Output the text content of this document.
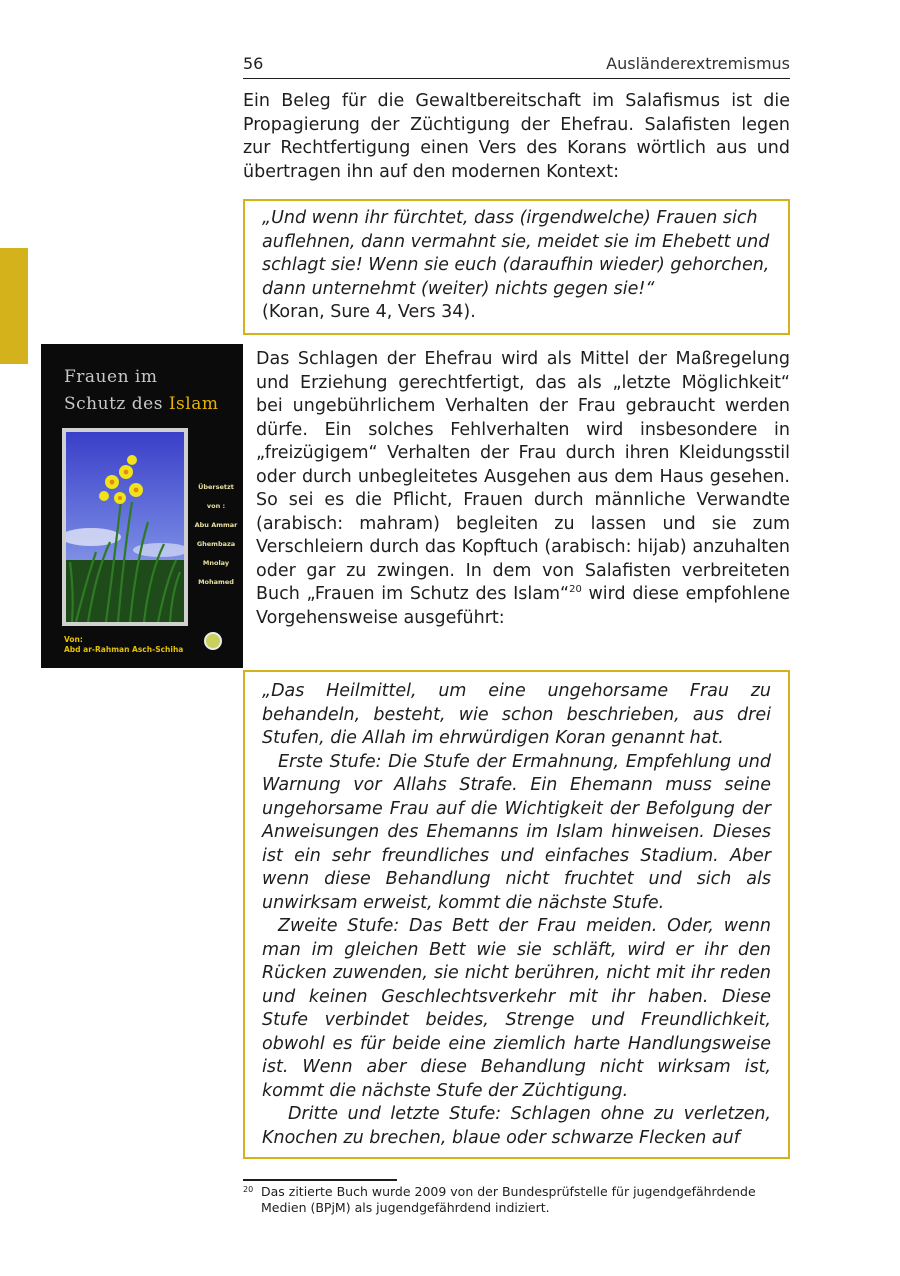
56	Ausländerextremismus

Ein Beleg für die Gewaltbereitschaft im Salafismus ist die Propagierung der Züchtigung der Ehefrau. Salafisten legen zur Rechtfertigung einen Vers des Korans wörtlich aus und übertragen ihn auf den modernen Kontext:

„Und wenn ihr fürchtet, dass (irgendwelche) Frauen sich auflehnen, dann vermahnt sie, meidet sie im Ehebett und schlagt sie! Wenn sie euch (daraufhin wieder) gehorchen, dann unternehmt (weiter) nichts gegen sie!“

(Koran, Sure 4, Vers 34).

Frauen im
Schutz des Islam
Übersetzt
von :
Abu Ammar
Ghembaza
Mnolay
Mohamed
Von:
Abd ar-Rahman Asch-Schiha

Das Schlagen der Ehefrau wird als Mittel der Maßregelung und Erziehung gerechtfertigt, das als „letzte Möglichkeit“ bei ungebührlichem Verhalten der Frau gebraucht werden dürfe. Ein solches Fehlverhalten wird insbesondere in „freizügigem“ Verhalten der Frau durch ihren Kleidungsstil oder durch unbegleitetes Ausgehen aus dem Haus gesehen. So sei es die Pflicht, Frauen durch männliche Verwandte (arabisch: mahram) begleiten zu lassen und sie zum Verschleiern durch das Kopftuch (arabisch: hijab) anzuhalten oder gar zu zwingen. In dem von Salafisten verbreiteten Buch „Frauen im Schutz des Islam“$^{20}$ wird diese empfohlene Vorgehensweise ausgeführt:

„Das Heilmittel, um eine ungehorsame Frau zu behandeln, besteht, wie schon beschrieben, aus drei Stufen, die Allah im ehrwürdigen Koran genannt hat.

Erste Stufe: Die Stufe der Ermahnung, Empfehlung und Warnung vor Allahs Strafe. Ein Ehemann muss seine ungehorsame Frau auf die Wichtigkeit der Befolgung der Anweisungen des Ehemanns im Islam hinweisen. Dieses ist ein sehr freundliches und einfaches Stadium. Aber wenn diese Behandlung nicht fruchtet und sich als unwirksam erweist, kommt die nächste Stufe.

Zweite Stufe: Das Bett der Frau meiden. Oder, wenn man im gleichen Bett wie sie schläft, wird er ihr den Rücken zuwenden, sie nicht berühren, nicht mit ihr reden und keinen Geschlechtsverkehr mit ihr haben. Diese Stufe verbindet beides, Strenge und Freundlichkeit, obwohl es für beide eine ziemlich harte Handlungsweise ist. Wenn aber diese Behandlung nicht wirksam ist, kommt die nächste Stufe der Züchtigung.

Dritte und letzte Stufe: Schlagen ohne zu verletzen, Knochen zu brechen, blaue oder schwarze Flecken auf

20 Das zitierte Buch wurde 2009 von der Bundesprüfstelle für jugendgefährdende Medien (BPjM) als jugendgefährdend indiziert.
